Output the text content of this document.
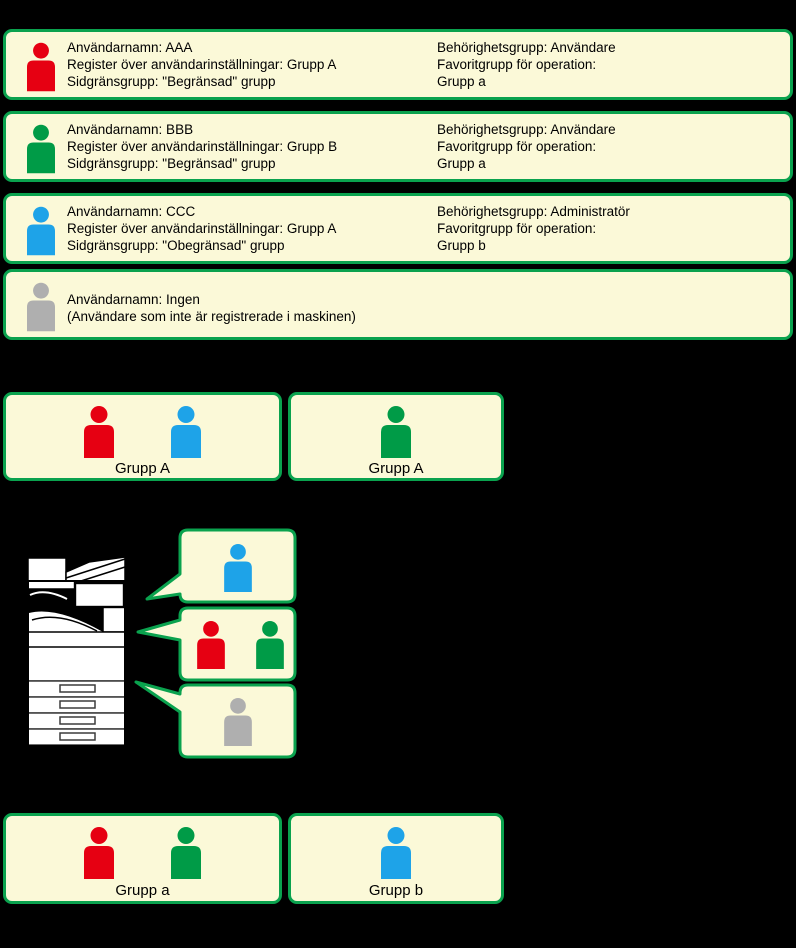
Användarnamn: AAA
Register över användarinställningar: Grupp A
Sidgränsgrupp: "Begränsad" grupp
Behörighetsgrupp: Användare
Favoritgrupp för operation:
Grupp a
Användarnamn: BBB
Register över användarinställningar: Grupp B
Sidgränsgrupp: "Begränsad" grupp
Behörighetsgrupp: Användare
Favoritgrupp för operation:
Grupp a
Användarnamn: CCC
Register över användarinställningar: Grupp A
Sidgränsgrupp: "Obegränsad" grupp
Behörighetsgrupp: Administratör
Favoritgrupp för operation:
Grupp b
Användarnamn: Ingen
(Användare som inte är registrerade i maskinen)
Grupp A	Grupp A
Grupp a	Grupp b
